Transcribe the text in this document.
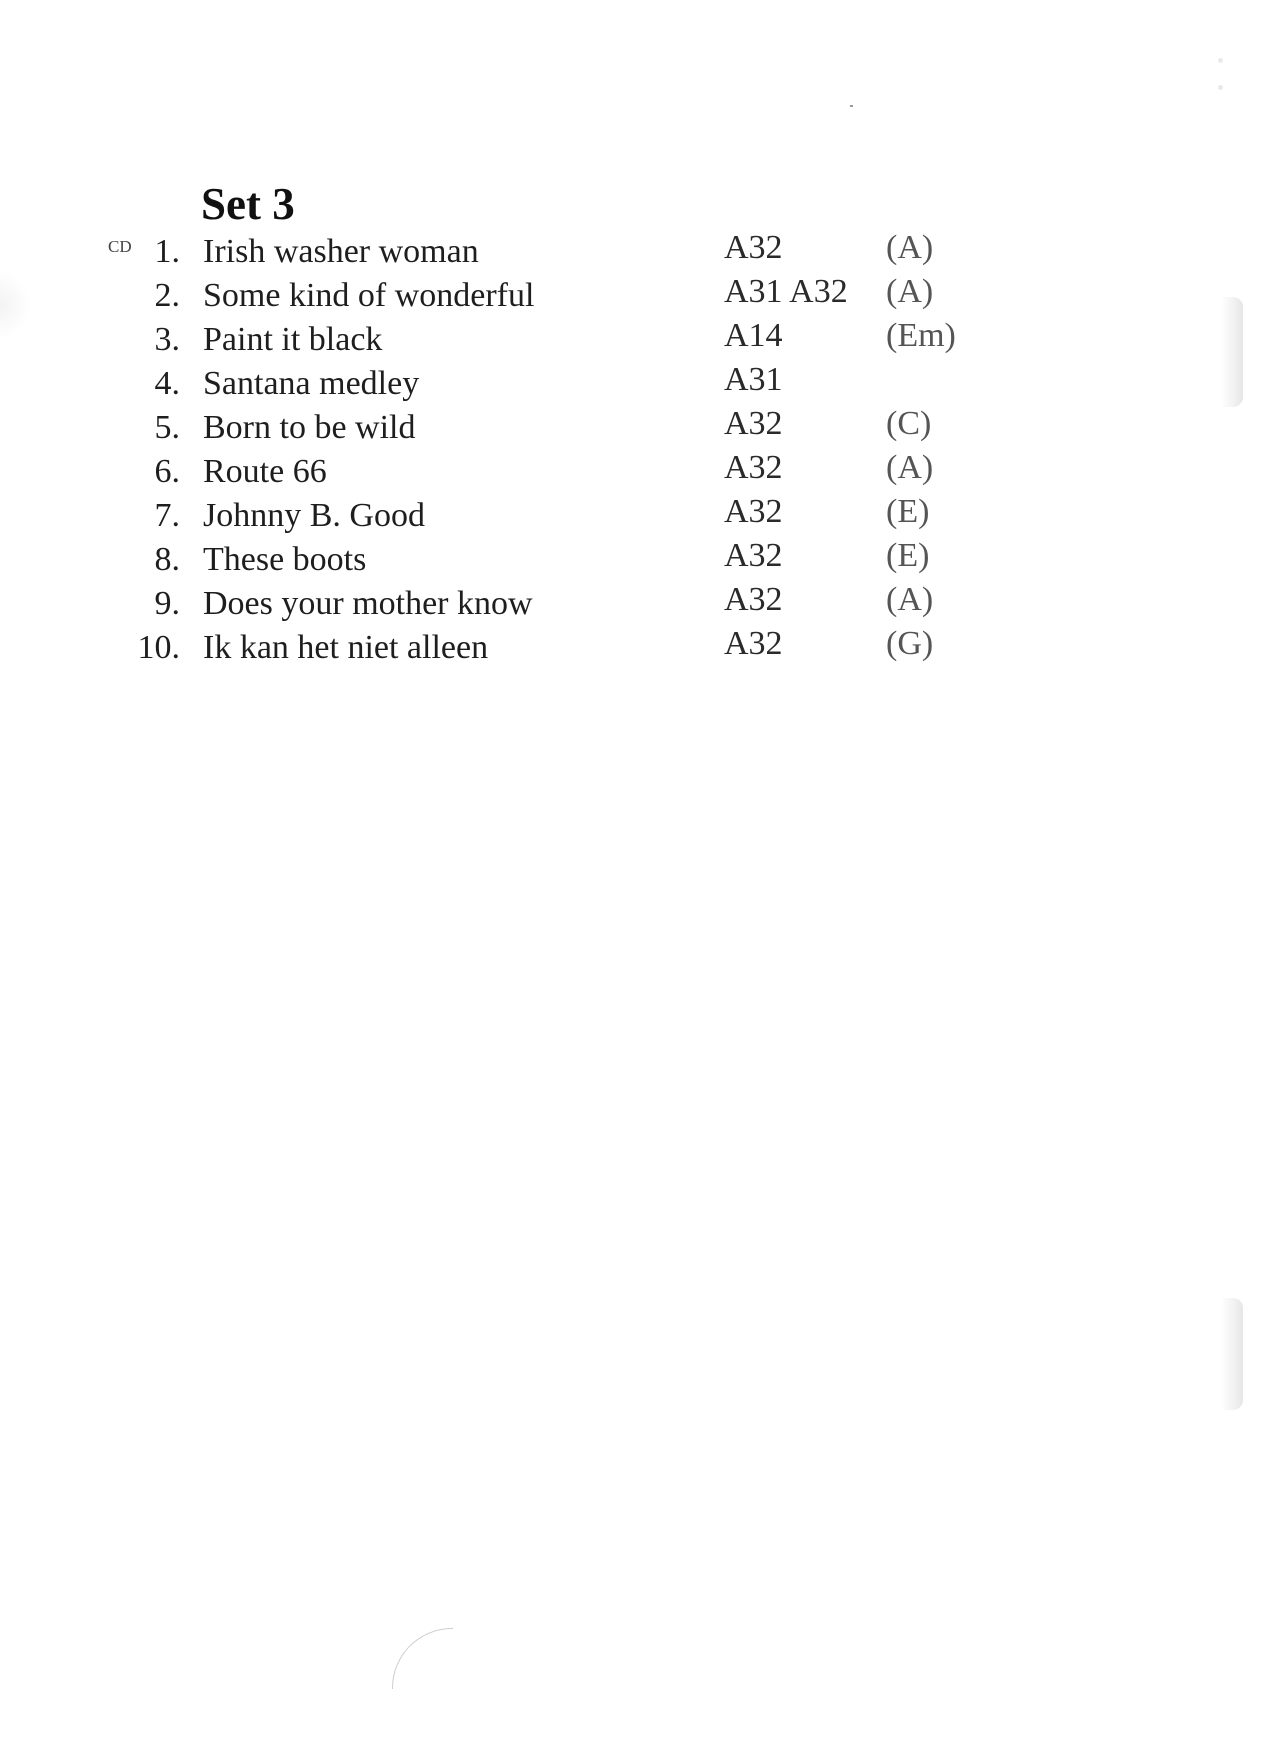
Set 3
CD 1. Irish washer woman	A32	(A)
2. Some kind of wonderful	A31 A32 (A)
3. Paint it black	A14	(Em)
4. Santana medley	A31
5. Born to be wild	A32	(C)
6. Route 66	A32	(A)
7. Johnny B. Good	A32	(E)
8. These boots	A32	(E)
9. Does your mother know	A32	(A)
10. Ik kan het niet alleen	A32	(G)
